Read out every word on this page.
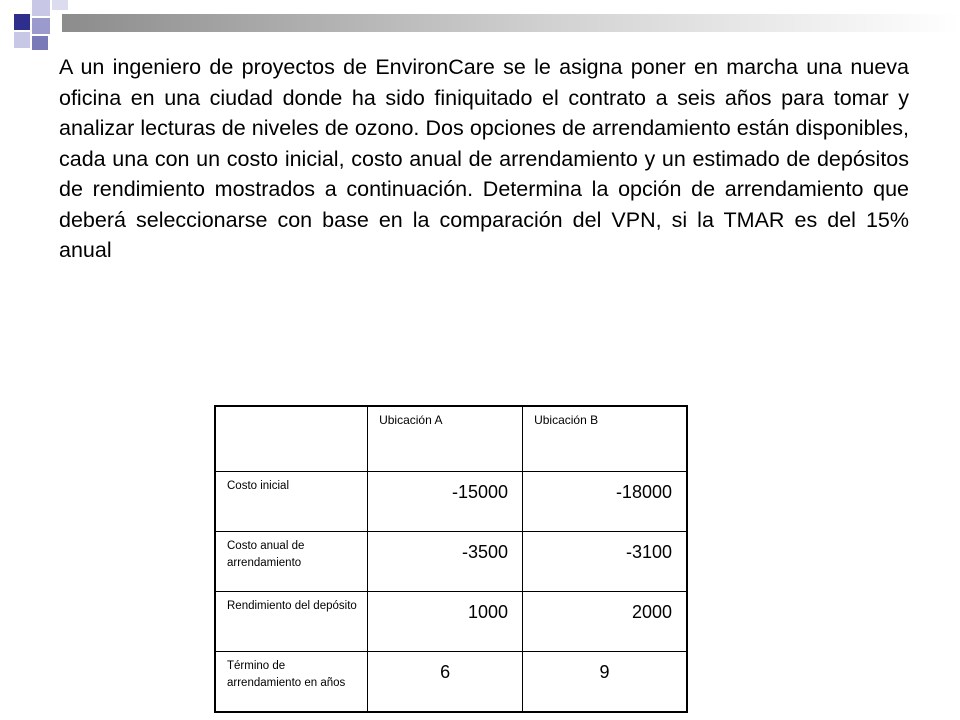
A un ingeniero de proyectos de EnvironCare se le asigna poner en marcha una nueva oficina en una ciudad donde ha sido finiquitado el contrato a seis años para tomar y analizar lecturas de niveles de ozono. Dos opciones de arrendamiento están disponibles, cada una con un costo inicial, costo anual de arrendamiento y un estimado de depósitos de rendimiento mostrados a continuación. Determina la opción de arrendamiento que deberá seleccionarse con base en la comparación del VPN, si la TMAR es del 15% anual

	Ubicación A	Ubicación B
Costo inicial	-15000	-18000
Costo anual de arrendamiento	-3500	-3100
Rendimiento del depósito	1000	2000
Término de arrendamiento en años	6	9
